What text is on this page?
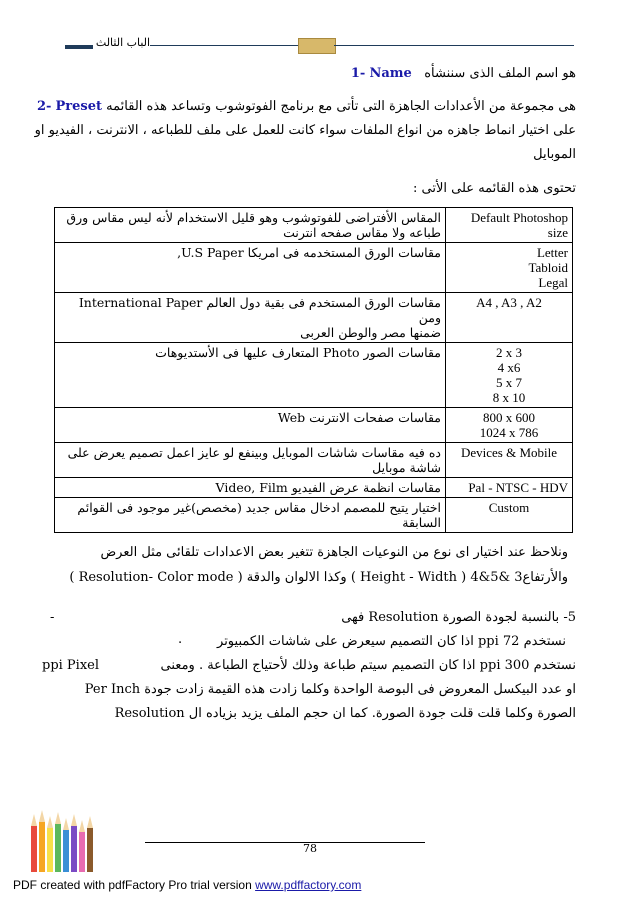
الباب الثالث
1- Name هو اسم الملف الذى سننشأه
2- Preset هى مجموعة من الأعدادات الجاهزة التى تأتى مع برنامج الفوتوشوب وتساعد هذه القائمه
على اختيار انماط جاهزه من انواع الملفات سواء كانت للعمل على ملف للطباعه ، الانترنت ، الفيديو او
الموبايل
تحتوى هذه القائمه على الأتى :
المقاس الأفتراضى للفوتوشوب وهو قليل الاستخدام لأنه ليس مقاس ورق
طباعه ولا مقاس صفحه انترنت	Default Photoshop size

مقاسات الورق المستخدمه فى امريكا U.S Paper,	Letter
Tabloid
Legal

مقاسات الورق المستخدم فى بقية دول العالم International Paper ومن
ضمنها مصر والوطن العربى	A4 , A3 , A2

مقاسات الصور Photo المتعارف عليها فى الأستديوهات	2 x 3
4 x6
5 x 7
8 x 10

مقاسات صفحات الانترنت Web	800 x 600
1024 x 786

ده فيه مقاسات شاشات الموبايل وبينفع لو عايز اعمل تصميم يعرض على
شاشة موبايل	Devices & Mobile

مقاسات انظمة عرض الفيديو Video, Film	Pal - NTSC - HDV

اختيار يتيح للمصمم ادخال مقاس جديد (مخصص)غير موجود فى القوائم
السابقة	Custom
ونلاحظ عند اختيار اى نوع من النوعيات الجاهزة تتغير بعض الاعدادات تلقائى مثل العرض
والأرتفاع3 &5&4 ( Height - Width ) وكذا الالوان والدقة ( Resolution- Color mode )
5- بالنسبة لجودة الصورة Resolution فهى
-
نستخدم 72 ppi اذا كان التصميم سيعرض على شاشات الكمبيوتر
.
نستخدم 300 ppi اذا كان التصميم سيتم طباعة وذلك لأحتياج الطباعة . ومعنى
ppi Pixel
Per Inch او عدد البيكسل المعروض فى البوصة الواحدة وكلما زادت هذه القيمة زادت جودة
الصورة وكلما قلت قلت جودة الصورة. كما ان حجم الملف يزيد بزياده ال Resolution
78
PDF created with pdfFactory Pro trial version www.pdffactory.com
